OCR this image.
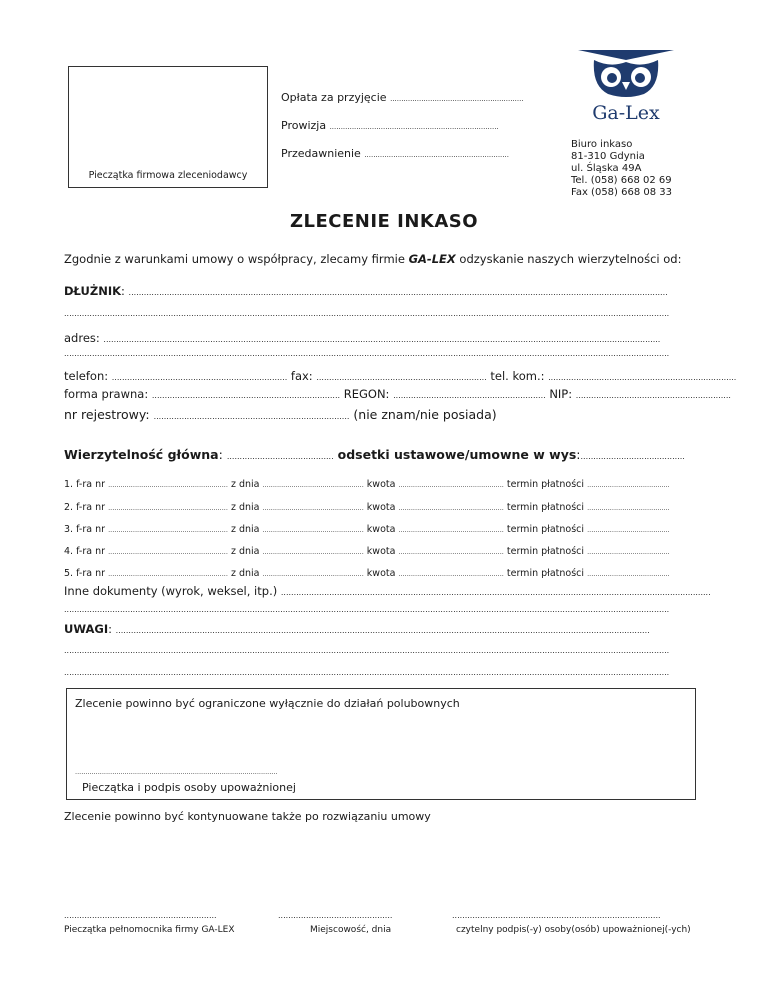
Pieczątka firmowa zleceniodawcy
Opłata za przyjęcie ............................................................
Prowizja ............................................................................
Przedawnienie .................................................................
Ga-Lex
Biuro inkaso
81-310 Gdynia
ul. Śląska 49A
Tel. (058) 668 02 69
Fax (058) 668 08 33
ZLECENIE INKASO
Zgodnie z warunkami umowy o współpracy, zlecamy firmie GA-LEX odzyskanie naszych wierzytelności od:
DŁUŻNIK: ....................................................................................................................................................................................................................
..............................................................................................................................................................................................................................................
adres: ...........................................................................................................................................................................................................................
..............................................................................................................................................................................................................................................
telefon: ..................................................................... fax: ................................................................... tel. kom.: ..........................................................................
forma prawna: .......................................................................... REGON: ............................................................ NIP: .............................................................
nr rejestrowy: ............................................................................. (nie znam/nie posiada)
Wierzytelność główna: .......................................... odsetki ustawowe/umowne w wys:.........................................
1. f-ra nr .......................................................... z dnia ................................................. kwota ................................................... termin płatności ........................................
2. f-ra nr .......................................................... z dnia ................................................. kwota ................................................... termin płatności ........................................
3. f-ra nr .......................................................... z dnia ................................................. kwota ................................................... termin płatności ........................................
4. f-ra nr .......................................................... z dnia ................................................. kwota ................................................... termin płatności ........................................
5. f-ra nr .......................................................... z dnia ................................................. kwota ................................................... termin płatności ........................................
Inne dokumenty (wyrok, weksel, itp.) .........................................................................................................................................................................
..............................................................................................................................................................................................................................................
UWAGI: ..................................................................................................................................................................................................................
..............................................................................................................................................................................................................................................
..............................................................................................................................................................................................................................................
Zlecenie powinno być ograniczone wyłącznie do działań polubownych
..................................................................................................
Pieczątka i podpis osoby upoważnionej
Zlecenie powinno być kontynuowane także po rozwiązaniu umowy
............................................................
Pieczątka pełnomocnika firmy GA-LEX
.............................................
Miejscowość, dnia
..................................................................................
czytelny podpis(-y) osoby(osób) upoważnionej(-ych)
